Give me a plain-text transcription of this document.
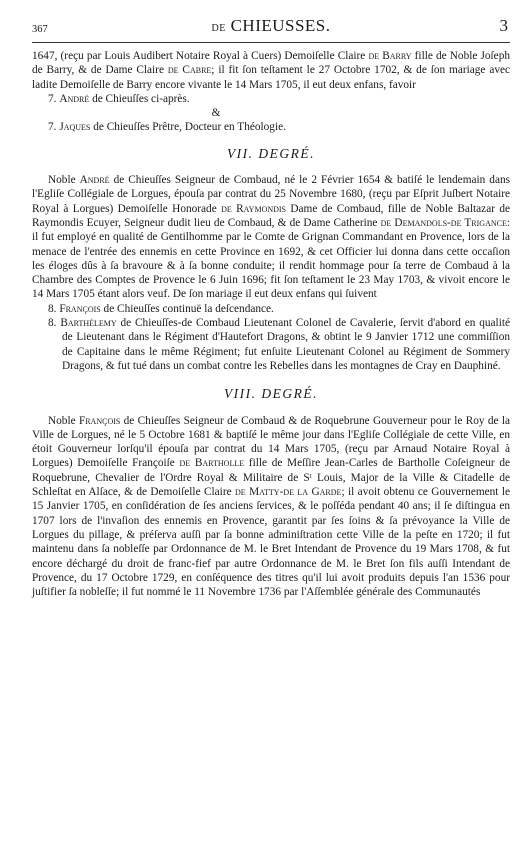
367	DE CHIEUSSES.	3

1647, (reçu par Louis Audibert Notaire Royal à Cuers) Demoiſelle Claire de Barry fille de Noble Joſeph de Barry, & de Dame Claire de Cabre; il fit ſon teſtament le 27 Octobre 1702, & de ſon mariage avec ladite Demoiſelle de Barry encore vivante le 14 Mars 1705, il eut deux enfans, favoir

7. André de Chieuſſes ci-après.

&

7. Jaques de Chieuſſes Prêtre, Docteur en Théologie.

VII. DEGRÉ.

Noble André de Chieuſſes Seigneur de Combaud, né le 2 Février 1654 & batiſé le lendemain dans l'Egliſe Collégiale de Lorgues, épouſa par contrat du 25 Novembre 1680, (reçu par Eſprit Juſbert Notaire Royal à Lorgues) Demoiſelle Honorade de Raymondis Dame de Combaud, fille de Noble Baltazar de Raymondis Ecuyer, Seigneur dudit lieu de Combaud, & de Dame Catherine de Demandols-de Trigance: il fut employé en qualité de Gentilhomme par le Comte de Grignan Commandant en Provence, lors de la menace de l'entrée des ennemis en cette Province en 1692, & cet Officier lui donna dans cette occaſion les éloges dûs à ſa bravoure & à ſa bonne conduite; il rendit hommage pour ſa terre de Combaud à la Chambre des Comptes de Provence le 6 Juin 1696; fit ſon teſtament le 23 May 1703, & vivoit encore le 14 Mars 1705 étant alors veuf. De ſon mariage il eut deux enfans qui ſuivent

8. François de Chieuſſes continuë la deſcendance.

8. Barthélemy de Chieuſſes-de Combaud Lieutenant Colonel de Cavalerie, ſervit d'abord en qualité de Lieutenant dans le Régiment d'Hautefort Dragons, & obtint le 9 Janvier 1712 une commiſſion de Capitaine dans le même Régiment; fut enſuite Lieutenant Colonel au Régiment de Sommery Dragons, & fut tué dans un combat contre les Rebelles dans les montagnes de Cray en Dauphiné.

VIII. DEGRÉ.

Noble François de Chieuſſes Seigneur de Combaud & de Roquebrune Gouverneur pour le Roy de la Ville de Lorgues, né le 5 Octobre 1681 & baptiſé le même jour dans l'Egliſe Collégiale de cette Ville, en étoit Gouverneur lorſqu'il épouſa par contrat du 14 Mars 1705, (reçu par Arnaud Notaire Royal à Lorgues) Demoiſelle Françoiſe de Bartholle fille de Meſſire Jean-Carles de Bartholle Coſeigneur de Roquebrune, Chevalier de l'Ordre Royal & Militaire de Sᵗ Louis, Major de la Ville & Citadelle de Schleſtat en Alſace, & de Demoiſelle Claire de Matty-de la Garde; il avoit obtenu ce Gouvernement le 15 Janvier 1705, en conſidération de ſes anciens ſervices, & le poſſéda pendant 40 ans; il ſe diſtingua en 1707 lors de l'invaſion des ennemis en Provence, garantit par ſes ſoins & ſa prévoyance la Ville de Lorgues du pillage, & préſerva auſſi par ſa bonne adminiſtration cette Ville de la peſte en 1720; il fut maintenu dans ſa nobleſſe par Ordonnance de M. le Bret Intendant de Provence du 19 Mars 1708, & fut encore déchargé du droit de franc-fief par autre Ordonnance de M. le Bret ſon fils auſſi Intendant de Provence, du 17 Octobre 1729, en conſéquence des titres qu'il lui avoit produits depuis l'an 1536 pour juſtifier ſa nobleſſe; il fut nommé le 11 Novembre 1736 par l'Aſſemblée générale des Communautés
